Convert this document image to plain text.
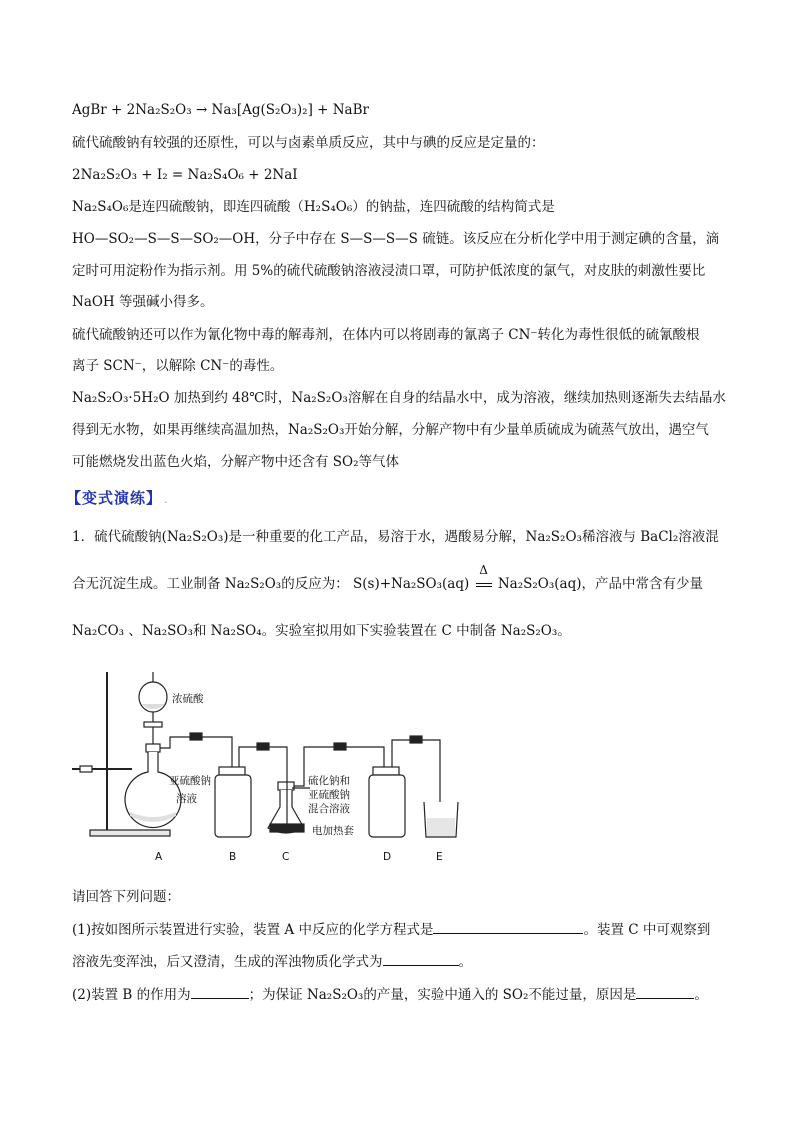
AgBr + 2Na₂S₂O₃ → Na₃[Ag(S₂O₃)₂] + NaBr
硫代硫酸钠有较强的还原性，可以与卤素单质反应，其中与碘的反应是定量的：
2Na₂S₂O₃ + I₂ = Na₂S₄O₆ + 2NaI
Na₂S₄O₆是连四硫酸钠，即连四硫酸（H₂S₄O₆）的钠盐，连四硫酸的结构简式是
HO—SO₂—S—S—SO₂—OH，分子中存在 S—S—S—S 硫链。该反应在分析化学中用于测定碘的含量，滴
定时可用淀粉作为指示剂。用 5%的硫代硫酸钠溶液浸渍口罩，可防护低浓度的氯气，对皮肤的刺激性要比
NaOH 等强碱小得多。
硫代硫酸钠还可以作为氰化物中毒的解毒剂，在体内可以将剧毒的氰离子 CN⁻转化为毒性很低的硫氰酸根
离子 SCN⁻，以解除 CN⁻的毒性。
Na₂S₂O₃·5H₂O 加热到约 48℃时，Na₂S₂O₃溶解在自身的结晶水中，成为溶液，继续加热则逐渐失去结晶水
得到无水物，如果再继续高温加热，Na₂S₂O₃开始分解，分解产物中有少量单质硫成为硫蒸气放出，遇空气
可能燃烧发出蓝色火焰，分解产物中还含有 SO₂等气体
【变式演练】 .
1．硫代硫酸钠(Na₂S₂O₃)是一种重要的化工产品，易溶于水，遇酸易分解，Na₂S₂O₃稀溶液与 BaCl₂溶液混
合无沉淀生成。工业制备 Na₂S₂O₃的反应为： S(s)+Na₂SO₃(aq)
Δ
Na₂S₂O₃(aq)，产品中常含有少量
Na₂CO₃ 、Na₂SO₃和 Na₂SO₄。实验室拟用如下实验装置在 C 中制备 Na₂S₂O₃。
浓硫酸
亚硫酸钠
溶液
硫化钠和
亚硫酸钠
混合溶液
电加热套
A	B	C	D	E
请回答下列问题：
(1)按如图所示装置进行实验，装置 A 中反应的化学方程式是	。装置 C 中可观察到
溶液先变浑浊，后又澄清，生成的浑浊物质化学式为	。
(2)装置 B 的作用为	；为保证 Na₂S₂O₃的产量，实验中通入的 SO₂不能过量，原因是	。
